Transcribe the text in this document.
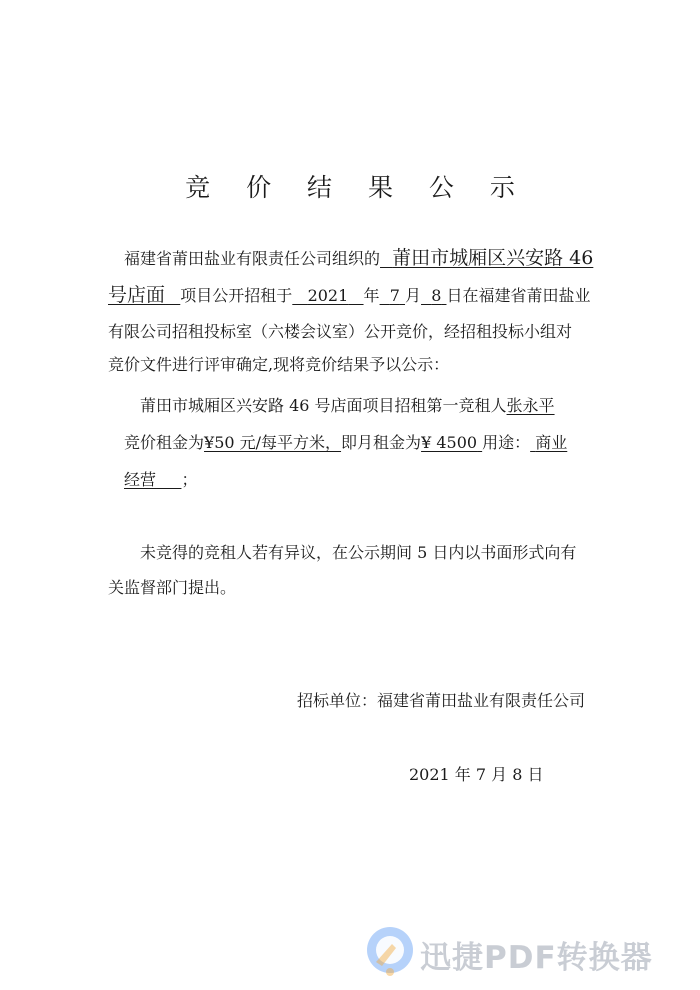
竞 价 结 果 公 示
福建省莆田盐业有限责任公司组织的 莆田市城厢区兴安路 46
号店面 项目公开招租于 2021 年 7 月 8 日在福建省莆田盐业
有限公司招租投标室（六楼会议室）公开竞价，经招租投标小组对
竞价文件进行评审确定,现将竞价结果予以公示：
莆田市城厢区兴安路 46 号店面项目招租第一竞租人张永平
竞价租金为¥50 元/每平方米，即月租金为¥ 4500 用途： 商业
经营 ；
未竞得的竞租人若有异议，在公示期间 5 日内以书面形式向有
关监督部门提出。
招标单位：福建省莆田盐业有限责任公司
2021 年 7 月 8 日
迅捷PDF转换器
